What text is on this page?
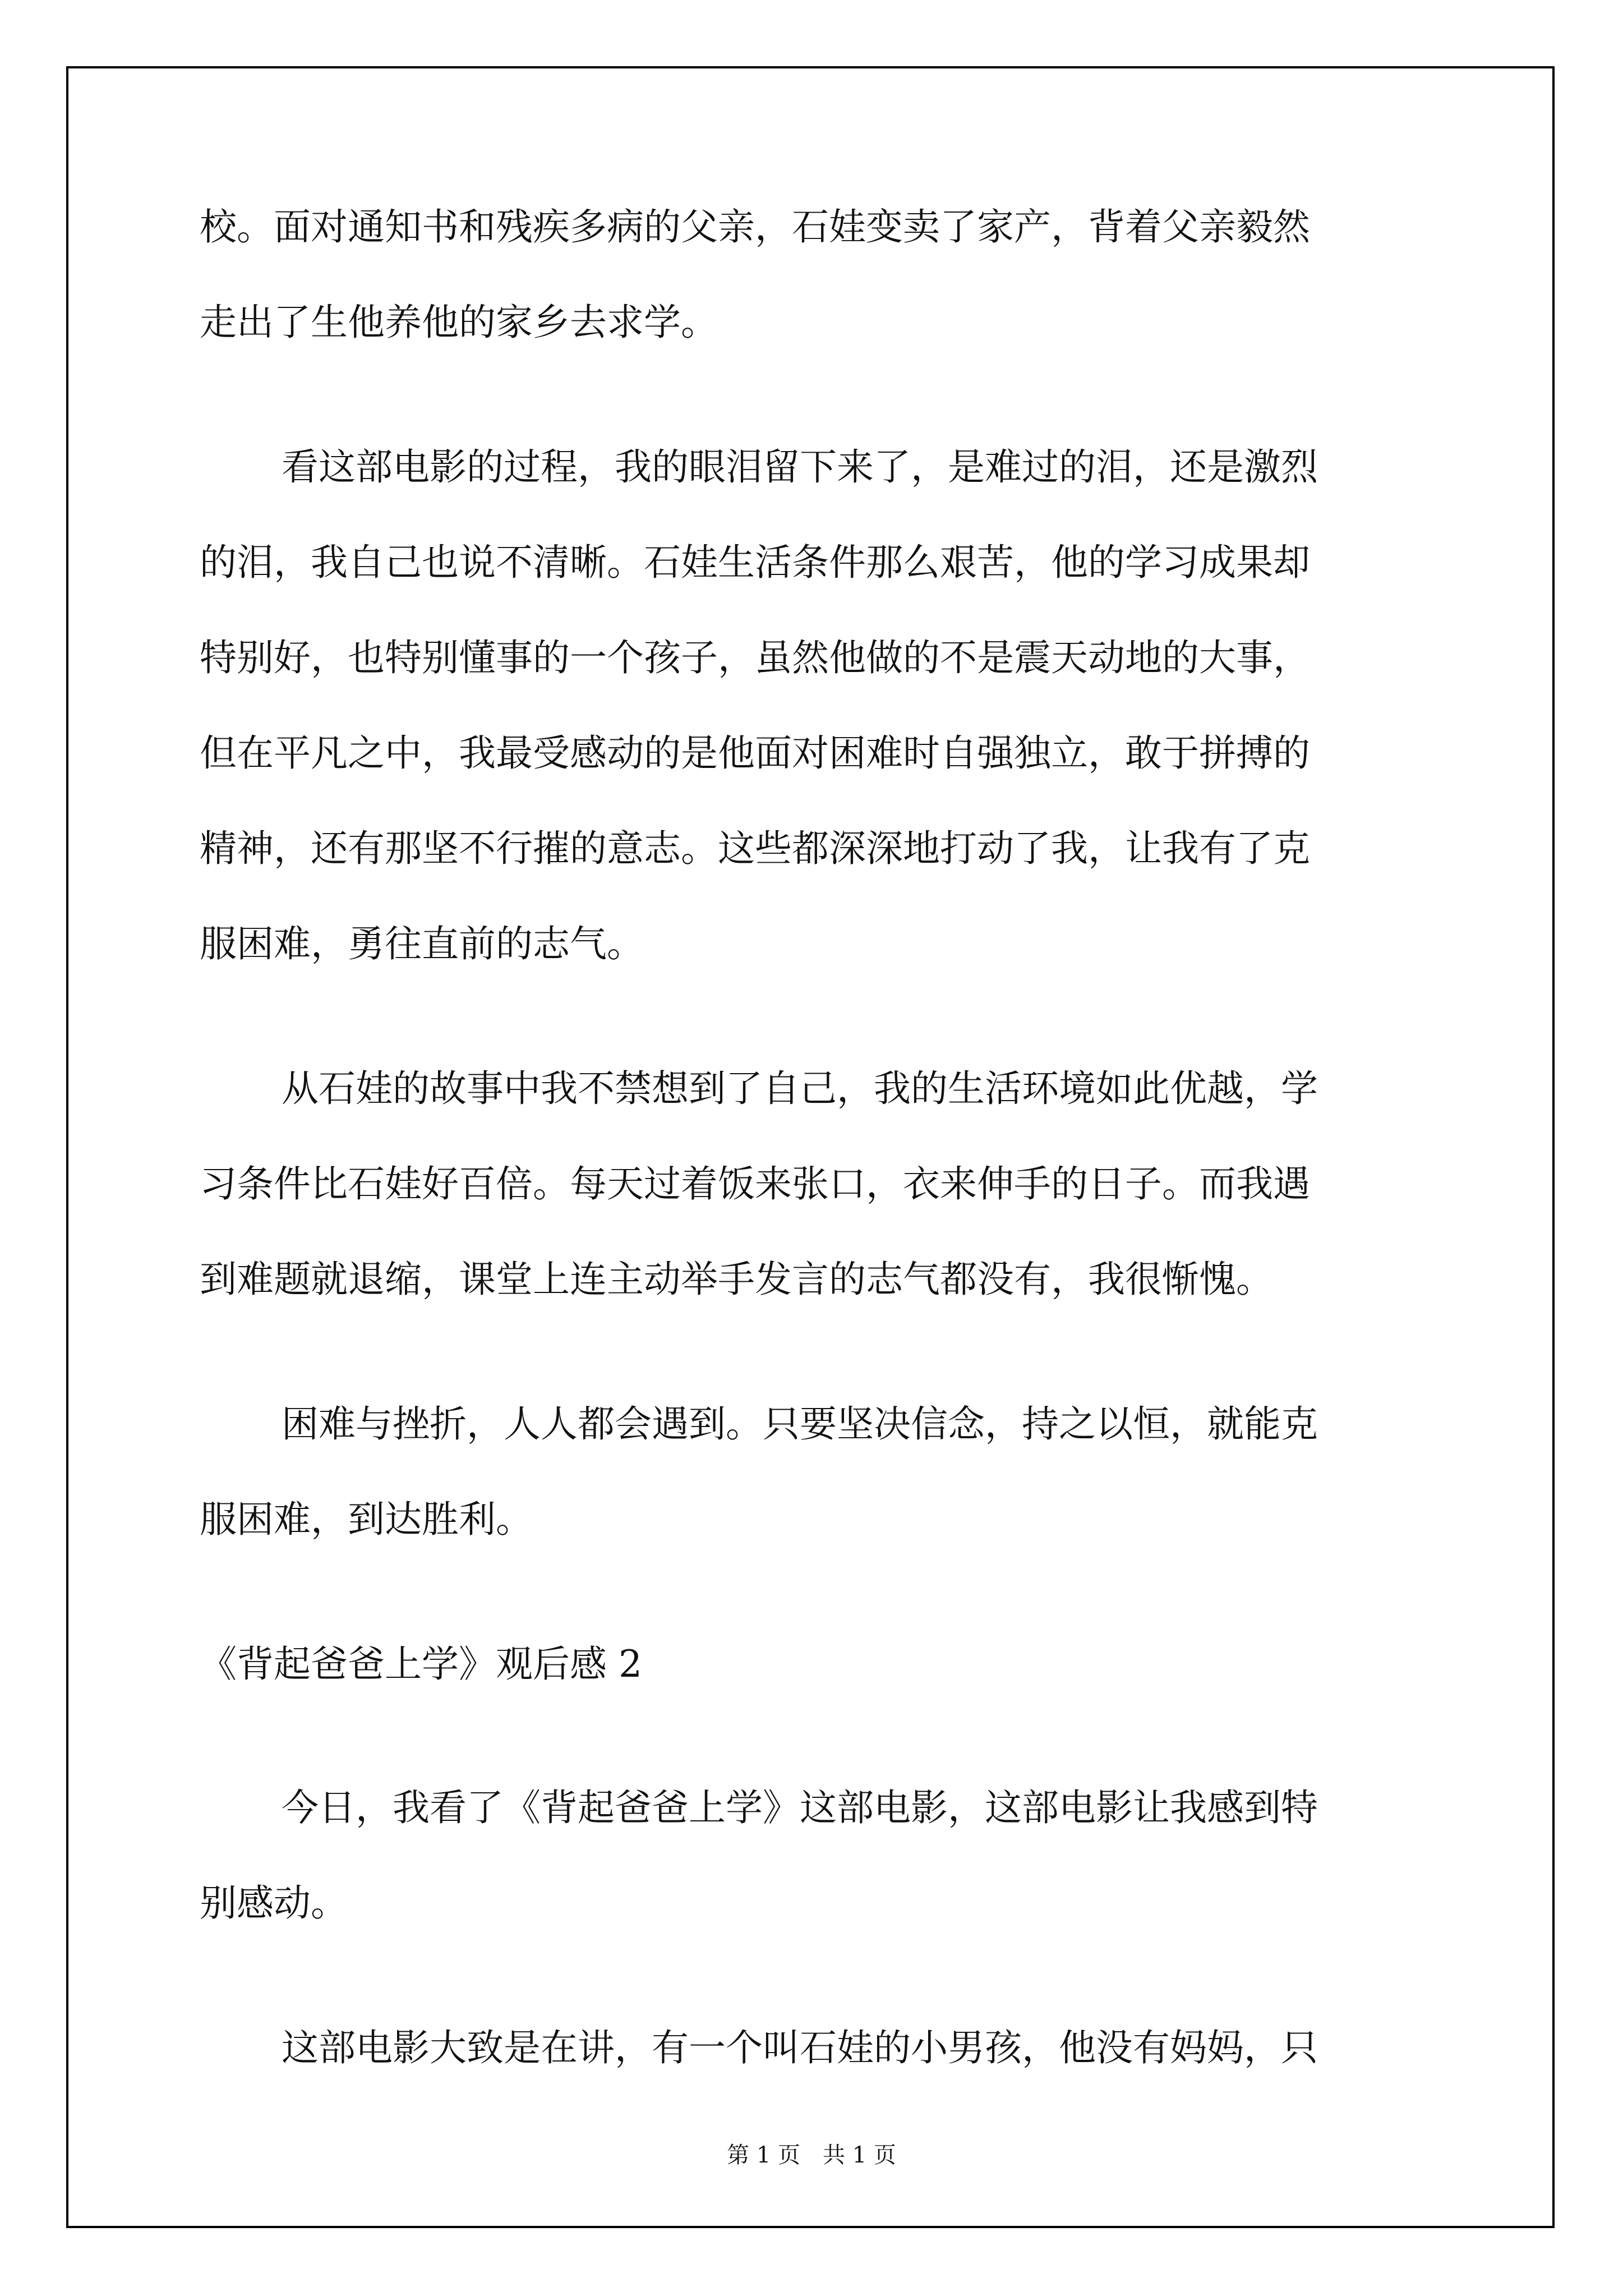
校。面对通知书和残疾多病的父亲，石娃变卖了家产，背着父亲毅然
走出了生他养他的家乡去求学。
看这部电影的过程，我的眼泪留下来了，是难过的泪，还是激烈
的泪，我自己也说不清晰。石娃生活条件那么艰苦，他的学习成果却
特别好，也特别懂事的一个孩子，虽然他做的不是震天动地的大事，
但在平凡之中，我最受感动的是他面对困难时自强独立，敢于拼搏的
精神，还有那坚不行摧的意志。这些都深深地打动了我，让我有了克
服困难，勇往直前的志气。
从石娃的故事中我不禁想到了自己，我的生活环境如此优越，学
习条件比石娃好百倍。每天过着饭来张口，衣来伸手的日子。而我遇
到难题就退缩，课堂上连主动举手发言的志气都没有，我很惭愧。
困难与挫折，人人都会遇到。只要坚决信念，持之以恒，就能克
服困难，到达胜利。
《背起爸爸上学》观后感 2
今日，我看了《背起爸爸上学》这部电影，这部电影让我感到特
别感动。
这部电影大致是在讲，有一个叫石娃的小男孩，他没有妈妈，只
第 1 页　共 1 页
